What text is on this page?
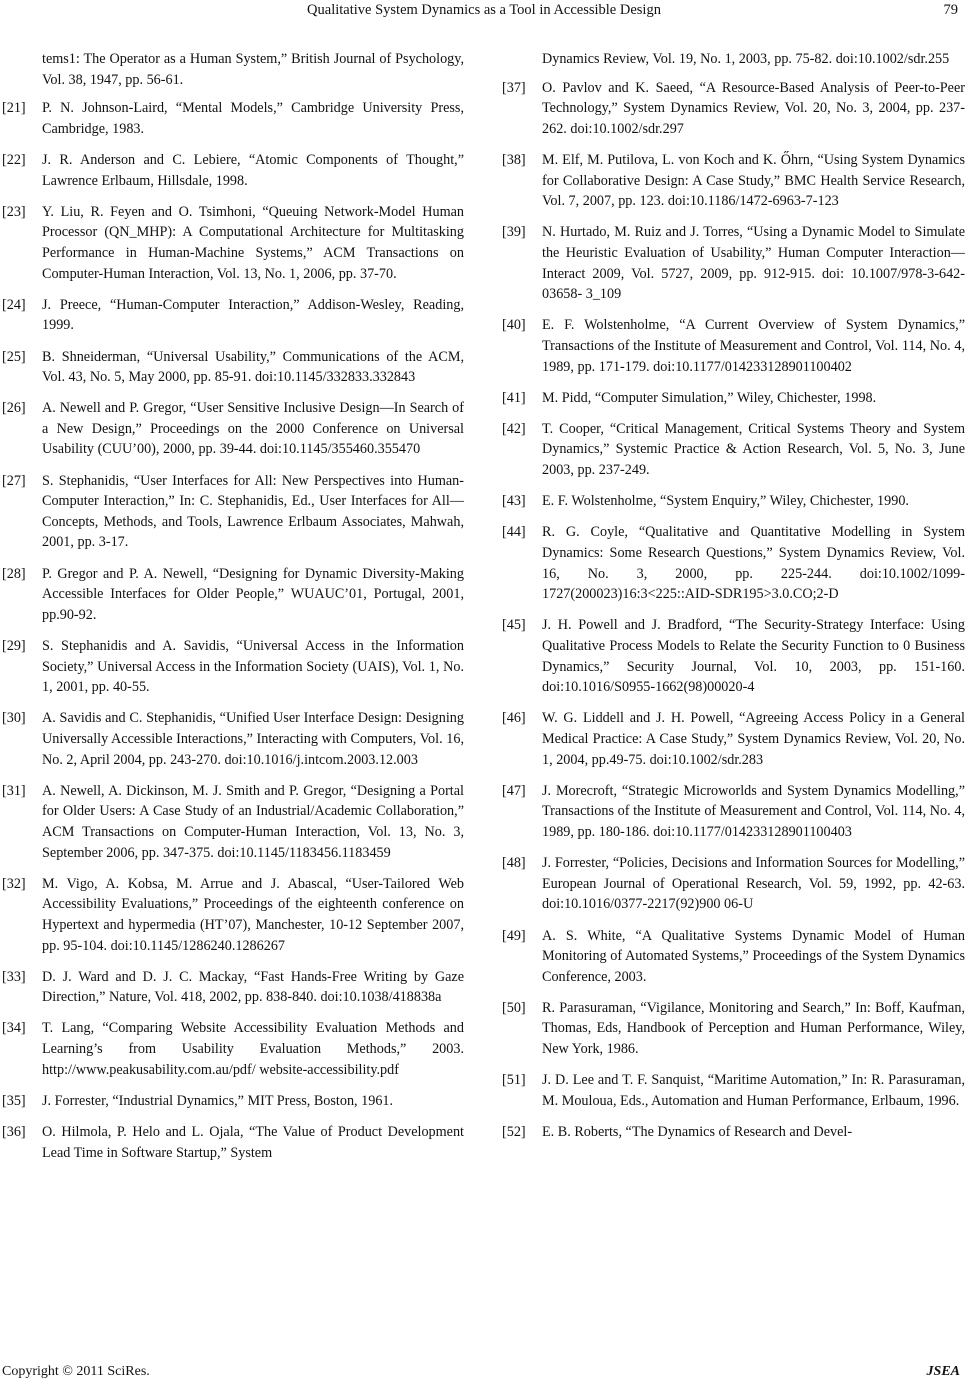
Qualitative System Dynamics as a Tool in Accessible Design	79
tems1: The Operator as a Human System,” British Journal of Psychology, Vol. 38, 1947, pp. 56-61.
[21]	P. N. Johnson-Laird, “Mental Models,” Cambridge University Press, Cambridge, 1983.
[22]	J. R. Anderson and C. Lebiere, “Atomic Components of Thought,” Lawrence Erlbaum, Hillsdale, 1998.
[23]	Y. Liu, R. Feyen and O. Tsimhoni, “Queuing Network-Model Human Processor (QN_MHP): A Computational Architecture for Multitasking Performance in Human-Machine Systems,” ACM Transactions on Computer-Human Interaction, Vol. 13, No. 1, 2006, pp. 37-70.
[24]	J. Preece, “Human-Computer Interaction,” Addison-Wesley, Reading, 1999.
[25]	B. Shneiderman, “Universal Usability,” Communications of the ACM, Vol. 43, No. 5, May 2000, pp. 85-91. doi:10.1145/332833.332843
[26]	A. Newell and P. Gregor, “User Sensitive Inclusive Design—In Search of a New Design,” Proceedings on the 2000 Conference on Universal Usability (CUU’00), 2000, pp. 39-44. doi:10.1145/355460.355470
[27]	S. Stephanidis, “User Interfaces for All: New Perspectives into Human-Computer Interaction,” In: C. Stephanidis, Ed., User Interfaces for All—Concepts, Methods, and Tools, Lawrence Erlbaum Associates, Mahwah, 2001, pp. 3-17.
[28]	P. Gregor and P. A. Newell, “Designing for Dynamic Diversity-Making Accessible Interfaces for Older People,” WUAUC’01, Portugal, 2001, pp.90-92.
[29]	S. Stephanidis and A. Savidis, “Universal Access in the Information Society,” Universal Access in the Information Society (UAIS), Vol. 1, No. 1, 2001, pp. 40-55.
[30]	A. Savidis and C. Stephanidis, “Unified User Interface Design: Designing Universally Accessible Interactions,” Interacting with Computers, Vol. 16, No. 2, April 2004, pp. 243-270. doi:10.1016/j.intcom.2003.12.003
[31]	A. Newell, A. Dickinson, M. J. Smith and P. Gregor, “Designing a Portal for Older Users: A Case Study of an Industrial/Academic Collaboration,” ACM Transactions on Computer-Human Interaction, Vol. 13, No. 3, September 2006, pp. 347-375. doi:10.1145/1183456.1183459
[32]	M. Vigo, A. Kobsa, M. Arrue and J. Abascal, “User-Tailored Web Accessibility Evaluations,” Proceedings of the eighteenth conference on Hypertext and hypermedia (HT’07), Manchester, 10-12 September 2007, pp. 95-104. doi:10.1145/1286240.1286267
[33]	D. J. Ward and D. J. C. Mackay, “Fast Hands-Free Writing by Gaze Direction,” Nature, Vol. 418, 2002, pp. 838-840. doi:10.1038/418838a
[34]	T. Lang, “Comparing Website Accessibility Evaluation Methods and Learning’s from Usability Evaluation Methods,” 2003. http://www.peakusability.com.au/pdf/ website-accessibility.pdf
[35]	J. Forrester, “Industrial Dynamics,” MIT Press, Boston, 1961.
[36]	O. Hilmola, P. Helo and L. Ojala, “The Value of Product Development Lead Time in Software Startup,” System
Dynamics Review, Vol. 19, No. 1, 2003, pp. 75-82. doi:10.1002/sdr.255
[37]	O. Pavlov and K. Saeed, “A Resource-Based Analysis of Peer-to-Peer Technology,” System Dynamics Review, Vol. 20, No. 3, 2004, pp. 237-262. doi:10.1002/sdr.297
[38]	M. Elf, M. Putilova, L. von Koch and K. Őhrn, “Using System Dynamics for Collaborative Design: A Case Study,” BMC Health Service Research, Vol. 7, 2007, pp. 123. doi:10.1186/1472-6963-7-123
[39]	N. Hurtado, M. Ruiz and J. Torres, “Using a Dynamic Model to Simulate the Heuristic Evaluation of Usability,” Human Computer Interaction—Interact 2009, Vol. 5727, 2009, pp. 912-915. doi: 10.1007/978-3-642-03658- 3_109
[40]	E. F. Wolstenholme, “A Current Overview of System Dynamics,” Transactions of the Institute of Measurement and Control, Vol. 114, No. 4, 1989, pp. 171-179. doi:10.1177/014233128901100402
[41]	M. Pidd, “Computer Simulation,” Wiley, Chichester, 1998.
[42]	T. Cooper, “Critical Management, Critical Systems Theory and System Dynamics,” Systemic Practice & Action Research, Vol. 5, No. 3, June 2003, pp. 237-249.
[43]	E. F. Wolstenholme, “System Enquiry,” Wiley, Chichester, 1990.
[44]	R. G. Coyle, “Qualitative and Quantitative Modelling in System Dynamics: Some Research Questions,” System Dynamics Review, Vol. 16, No. 3, 2000, pp. 225-244. doi:10.1002/1099-1727(200023)16:3<225::AID-SDR195>3.0.CO;2-D
[45]	J. H. Powell and J. Bradford, “The Security-Strategy Interface: Using Qualitative Process Models to Relate the Security Function to 0 Business Dynamics,” Security Journal, Vol. 10, 2003, pp. 151-160. doi:10.1016/S0955-1662(98)00020-4
[46]	W. G. Liddell and J. H. Powell, “Agreeing Access Policy in a General Medical Practice: A Case Study,” System Dynamics Review, Vol. 20, No. 1, 2004, pp.49-75. doi:10.1002/sdr.283
[47]	J. Morecroft, “Strategic Microworlds and System Dynamics Modelling,” Transactions of the Institute of Measurement and Control, Vol. 114, No. 4, 1989, pp. 180-186. doi:10.1177/014233128901100403
[48]	J. Forrester, “Policies, Decisions and Information Sources for Modelling,” European Journal of Operational Research, Vol. 59, 1992, pp. 42-63. doi:10.1016/0377-2217(92)900 06-U
[49]	A. S. White, “A Qualitative Systems Dynamic Model of Human Monitoring of Automated Systems,” Proceedings of the System Dynamics Conference, 2003.
[50]	R. Parasuraman, “Vigilance, Monitoring and Search,” In: Boff, Kaufman, Thomas, Eds, Handbook of Perception and Human Performance, Wiley, New York, 1986.
[51]	J. D. Lee and T. F. Sanquist, “Maritime Automation,” In: R. Parasuraman, M. Mouloua, Eds., Automation and Human Performance, Erlbaum, 1996.
[52]	E. B. Roberts, “The Dynamics of Research and Devel-
Copyright © 2011 SciRes.	JSEA
